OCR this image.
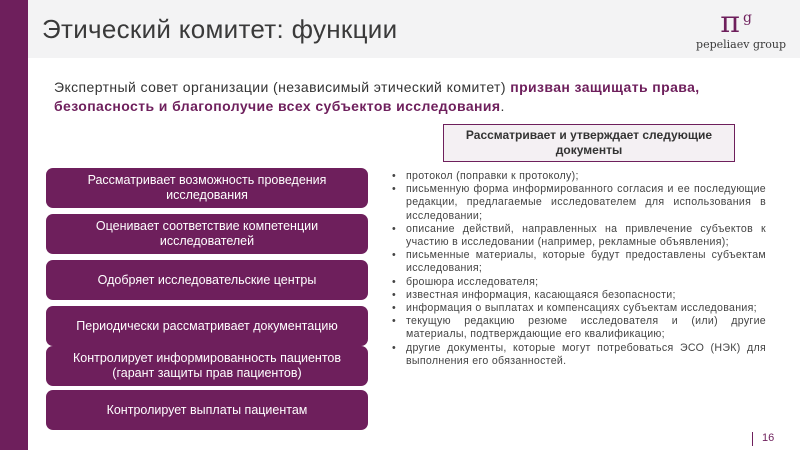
Этический комитет: функции	π g
pepeliaev group
Экспертный совет организации (независимый этический комитет) призван защищать права, безопасность и благополучие всех субъектов исследования.
Рассматривает и утверждает следующие документы
Рассматривает возможность проведения исследования
Оценивает соответствие компетенции исследователей
Одобряет исследовательские центры
Периодически рассматривает документацию
Контролирует информированность пациентов (гарант защиты прав пациентов)
Контролирует выплаты пациентам
• протокол (поправки к протоколу);
• письменную форма информированного согласия и ее последующие редакции, предлагаемые исследователем для использования в исследовании;
• описание действий, направленных на привлечение субъектов к участию в исследовании (например, рекламные объявления);
• письменные материалы, которые будут предоставлены субъектам исследования;
• брошюра исследователя;
• известная информация, касающаяся безопасности;
• информация о выплатах и компенсациях субъектам исследования;
• текущую редакцию резюме исследователя и (или) другие материалы, подтверждающие его квалификацию;
• другие документы, которые могут потребоваться ЭСО (НЭК) для выполнения его обязанностей.
16
